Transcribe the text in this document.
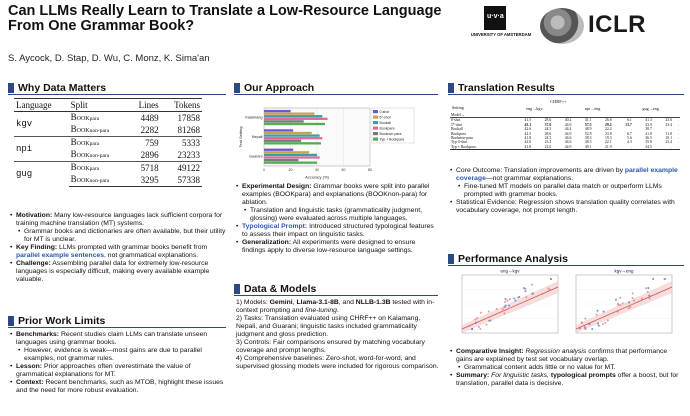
Can LLMs Really Learn to Translate a Low-Resource Language From One Grammar Book?
S. Aycock, D. Stap, D. Wu, C. Monz, K. Sima'an
u·v·a
UNIVERSITY OF AMSTERDAM ICLR
Why Data Matters
Language	Split	Lines	Tokens
kgv	Bookpara	4489	17858
	Booknon-para	2282	81268
npi	Bookpara	759	5333
	Booknon-para	2896	23233
gug	Bookpara	5718	49122
	Booknon-para	3295	57338
• Motivation: Many low-resource languages lack sufficient corpora for training machine translation (MT) systems.
• Grammar books and dictionaries are often available, but their utility for MT is unclear.
• Key Finding: LLMs prompted with grammar books benefit from parallel example sentences, not grammatical explanations.
• Challenge: Assembling parallel data for extremely low-resource languages is especially difficult, making every available example valuable.
Prior Work Limits
• Benchmarks: Recent studies claim LLMs can translate unseen languages using grammar books.
• However, evidence is weak—most gains are due to parallel examples, not grammar rules.
• Lesson: Prior approaches often overestimate the value of grammatical explanations for MT.
• Context: Recent benchmarks, such as MTOB, highlight these issues and the need for more robust evaluation.
Our Approach
0	20	40	60	80
Kalamang
Nepali
Guarani
Accuracy (%)
Test Setting
0-shot
5*-shot
Bookall
Bookpara
Booknon-para
Typ + Bookpara
• Experimental Design: Grammar books were split into parallel examples (BOOKpara) and explanations (BOOKnon-para) for ablation.
• Translation and linguistic tasks (grammaticality judgment, glossing) were evaluated across multiple languages.
• Typological Prompt: Introduced structured typological features to assess their impact on linguistic tasks.
• Generalization: All experiments were designed to ensure findings apply to diverse low-resource language settings.
Data & Models

1) Models: Gemini, Llama-3.1-8B, and NLLB-1.3B tested with in-context prompting and fine-tuning.

2) Tasks: Translation evaluated using CHRF++ on Kalamang, Nepali, and Guarani; linguistic tasks included grammaticality judgment and gloss prediction.

3) Controls: Fair comparisons ensured by matching vocabulary coverage and prompt lengths.

4) Comprehensive baselines: Zero-shot, word-for-word, and supervised glossing models were included for rigorous comparison.

Translation Results
CHRF++
Setting	eng→kgv	npi→eng	gug→eng
Model→									
0-shot	41.5	28.6	40.2	31.1	26.6	6.1	41.3	23.6	.
5*-shot	43.1	37.6	44.9	57.5	29.2	13.7	43.9	23.4	.
Bookall	42.6	24.5	44.4	48.9	22.2	.	38.7	.	.
Bookpara	42.5	28.6	44.9	52.8	23.8	6.7	41.8	11.8	.
Booknon-para	41.8	24.5	44.6	38.3	19.3	5.6	36.5	10.1	.
Typ 0-shot	42.6	23.2	44.6	48.5	22.1	4.3	35.9	23.4	.
Typ + Bookpara	41.8	22.0	44.9	49.1	21.9	.	34.5	.	.
• Core Outcome: Translation improvements are driven by parallel example coverage—not grammar explanations.
• Fine-tuned MT models on parallel data match or outperform LLMs prompted with grammar books.
• Statistical Evidence: Regression shows translation quality correlates with vocabulary coverage, not prompt length.
Performance Analysis
eng→kgv	kgv→eng
• Comparative Insight: Regression analysis confirms that performance gains are explained by test set vocabulary overlap.
• Grammatical content adds little or no value for MT.
• Summary: For linguistic tasks, typological prompts offer a boost, but for translation, parallel data is decisive.
